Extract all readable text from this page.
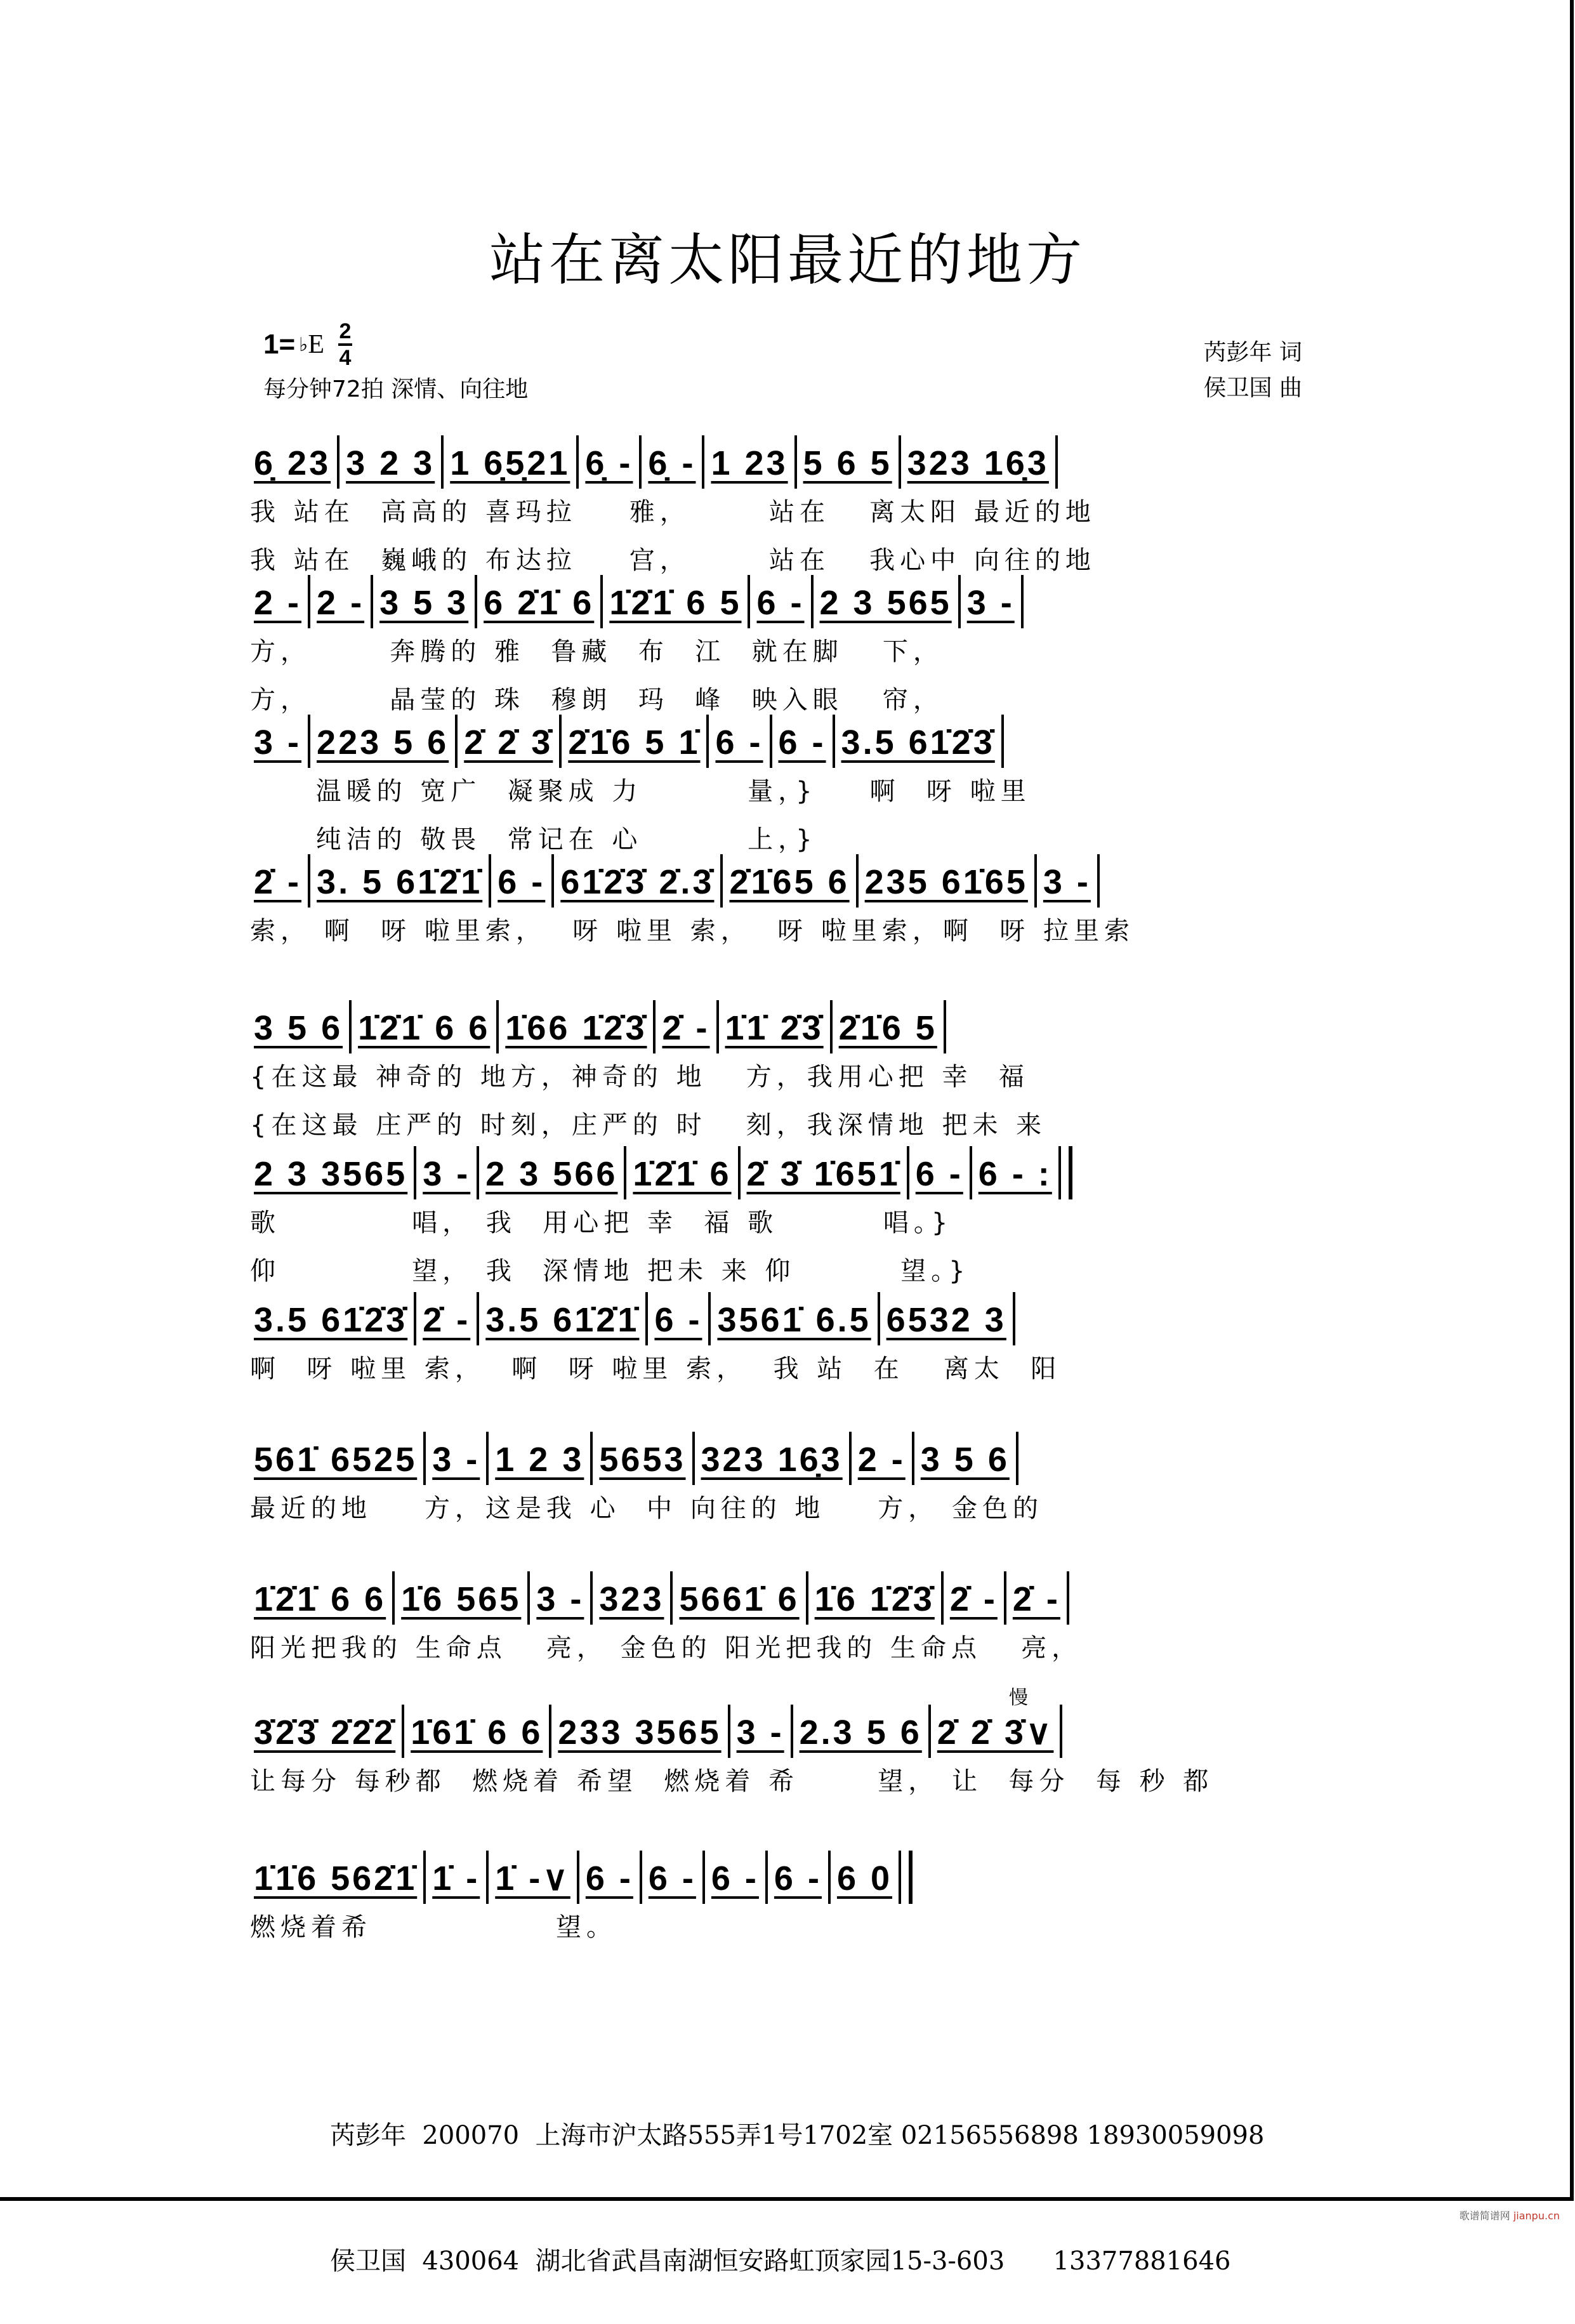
站在离太阳最近的地方
1= ♭ E 2
4
每分钟72拍 深情、向往地
芮彭年 词
侯卫国 曲
6̣ 23 3 2 3 1 6̣5̣21 6̣ - 6̣ - 1 23 5 6 5 323 16̣3
我 站在  高高的 喜玛拉    雅，      站在   离太阳 最近的地
我 站在  巍峨的 布达拉    宫，      站在   我心中 向往的地
2 - 2 - 3 5 3 6 2̇1̇ 6 1̇2̇1̇ 6 5 6 - 2 3 565 3 -
方，      奔腾的 雅  鲁藏  布  江  就在脚   下，
方，      晶莹的 珠  穆朗  玛  峰  映入眼   帘，
3 - 223 5 6 2̇ 2̇ 3̇ 2̇1̇6 5 1̇ 6 - 6 - 3.5 61̇2̇3̇
温暖的 宽广  凝聚成 力        量，}    啊  呀 啦里
纯洁的 敬畏  常记在 心        上，}
2̇ - 3. 5 61̇2̇1̇ 6 - 61̇2̇3̇ 2̇.3̇ 2̇1̇65 6 235 61̇65 3 -
索， 啊  呀 啦里索，  呀 啦里 索，  呀 啦里索，啊  呀 拉里索
3 5 6 1̇2̇1̇ 6 6 1̇66 1̇2̇3̇ 2̇ - 1̇1̇ 2̇3̇ 2̇1̇6 5
{在这最 神奇的 地方，神奇的 地   方，我用心把 幸  福
{在这最 庄严的 时刻，庄严的 时   刻，我深情地 把未 来
2 3 3565 3 - 2 3 566 1̇2̇1̇ 6 2̇ 3̇ 1̇651̇ 6 - 6 - :
歌          唱， 我  用心把 幸  福 歌        唱。}
仰          望， 我  深情地 把未 来 仰        望。}
3.5 61̇2̇3̇ 2̇ - 3.5 61̇2̇1̇ 6 - 3561̇ 6.5 6532 3
啊  呀 啦里 索，  啊  呀 啦里 索，  我 站  在   离太  阳
561̇ 6525 3 - 1 2 3 5653 323 16̣3 2 - 3 5 6
最近的地    方，这是我 心  中 向往的 地    方， 金色的
1̇2̇1̇ 6 6 1̇6 565 3 - 323 5661̇ 6 1̇6 1̇2̇3̇ 2̇ - 2̇ -
阳光把我的 生命点   亮， 金色的 阳光把我的 生命点   亮，
慢
3̇2̇3̇ 2̇2̇2̇ 1̇61̇ 6 6 233 3565 3 - 2.3 5 6 2̇ 2̇ 3̇∨
让每分 每秒都  燃烧着 希望  燃烧着 希      望， 让  每分  每 秒 都
1̇1̇6 562̇1̇ 1̇ - 1̇ -∨ 6 - 6 - 6 - 6 - 6 0
燃烧着希              望。

芮彭年  200070  上海市沪太路555弄1号1702室 02156556898 18930059098

侯卫国  430064  湖北省武昌南湖恒安路虹顶家园15-3-603      13377881646

歌谱简谱网 jianpu.cn
